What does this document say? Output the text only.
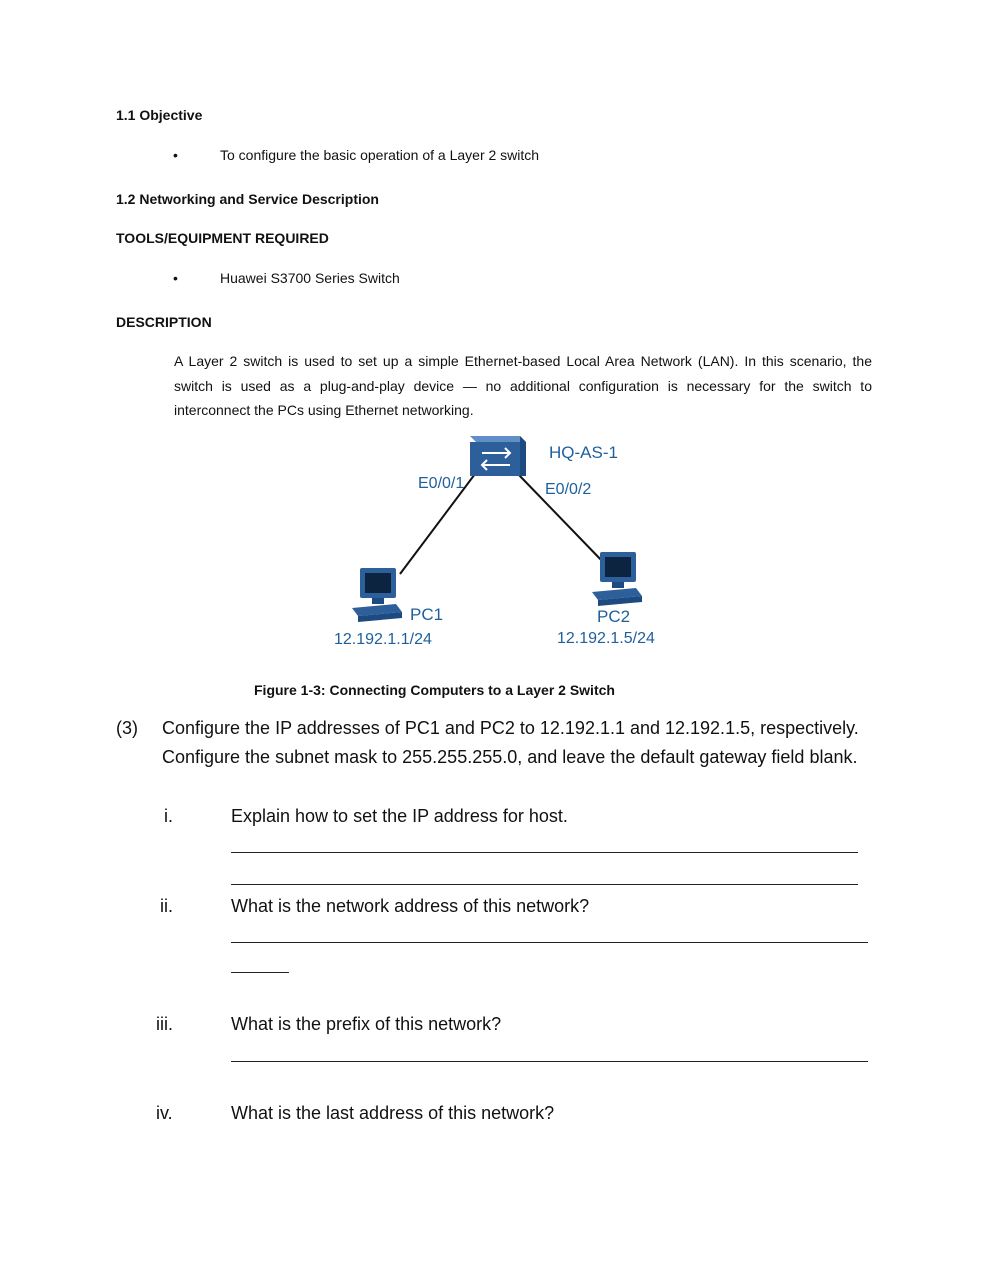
1.1 Objective
•	To configure the basic operation of a Layer 2 switch
1.2 Networking and Service Description
TOOLS/EQUIPMENT REQUIRED
•	Huawei S3700 Series Switch
DESCRIPTION
A Layer 2 switch is used to set up a simple Ethernet-based Local Area Network (LAN). In this scenario, the switch is used as a plug-and-play device — no additional configuration is necessary for the switch to interconnect the PCs using Ethernet networking.
HQ-AS-1
E0/0/1	E0/0/2
PC1
12.192.1.1/24
PC2
12.192.1.5/24
Figure 1-3: Connecting Computers to a Layer 2 Switch
(3) Configure the IP addresses of PC1 and PC2 to 12.192.1.1 and 12.192.1.5, respectively.
Configure the subnet mask to 255.255.255.0, and leave the default gateway field blank.
i.	Explain how to set the IP address for host.
ii.	What is the network address of this network?
iii.	What is the prefix of this network?
iv.	What is the last address of this network?
